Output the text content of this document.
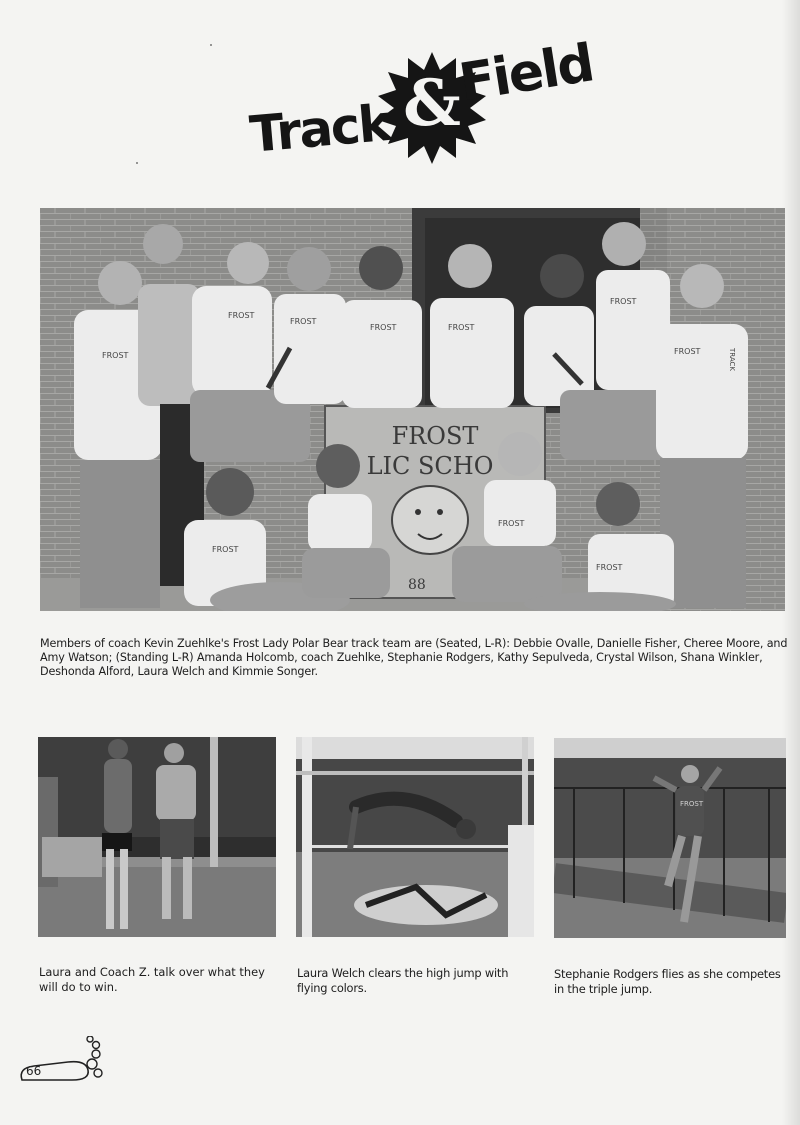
Track &
Field
FROST
LIC SCHO
88
FROST
FROST
FROST
FROST	FROST
FROST
FROST	TRACK
FROST
FROST
FROST

Members of coach Kevin Zuehlke's Frost Lady Polar Bear track team are (Seated, L-R): Debbie Ovalle, Danielle Fisher, Cheree Moore, and Amy Watson; (Standing L-R) Amanda Holcomb, coach Zuehlke, Stephanie Rodgers, Kathy Sepulveda, Crystal Wilson, Shana Winkler, Deshonda Alford, Laura Welch and Kimmie Songer.

FROST

Laura and Coach Z. talk over what they will do to win.

Laura Welch clears the high jump with flying colors.

Stephanie Rodgers flies as she competes in the triple jump.

66
